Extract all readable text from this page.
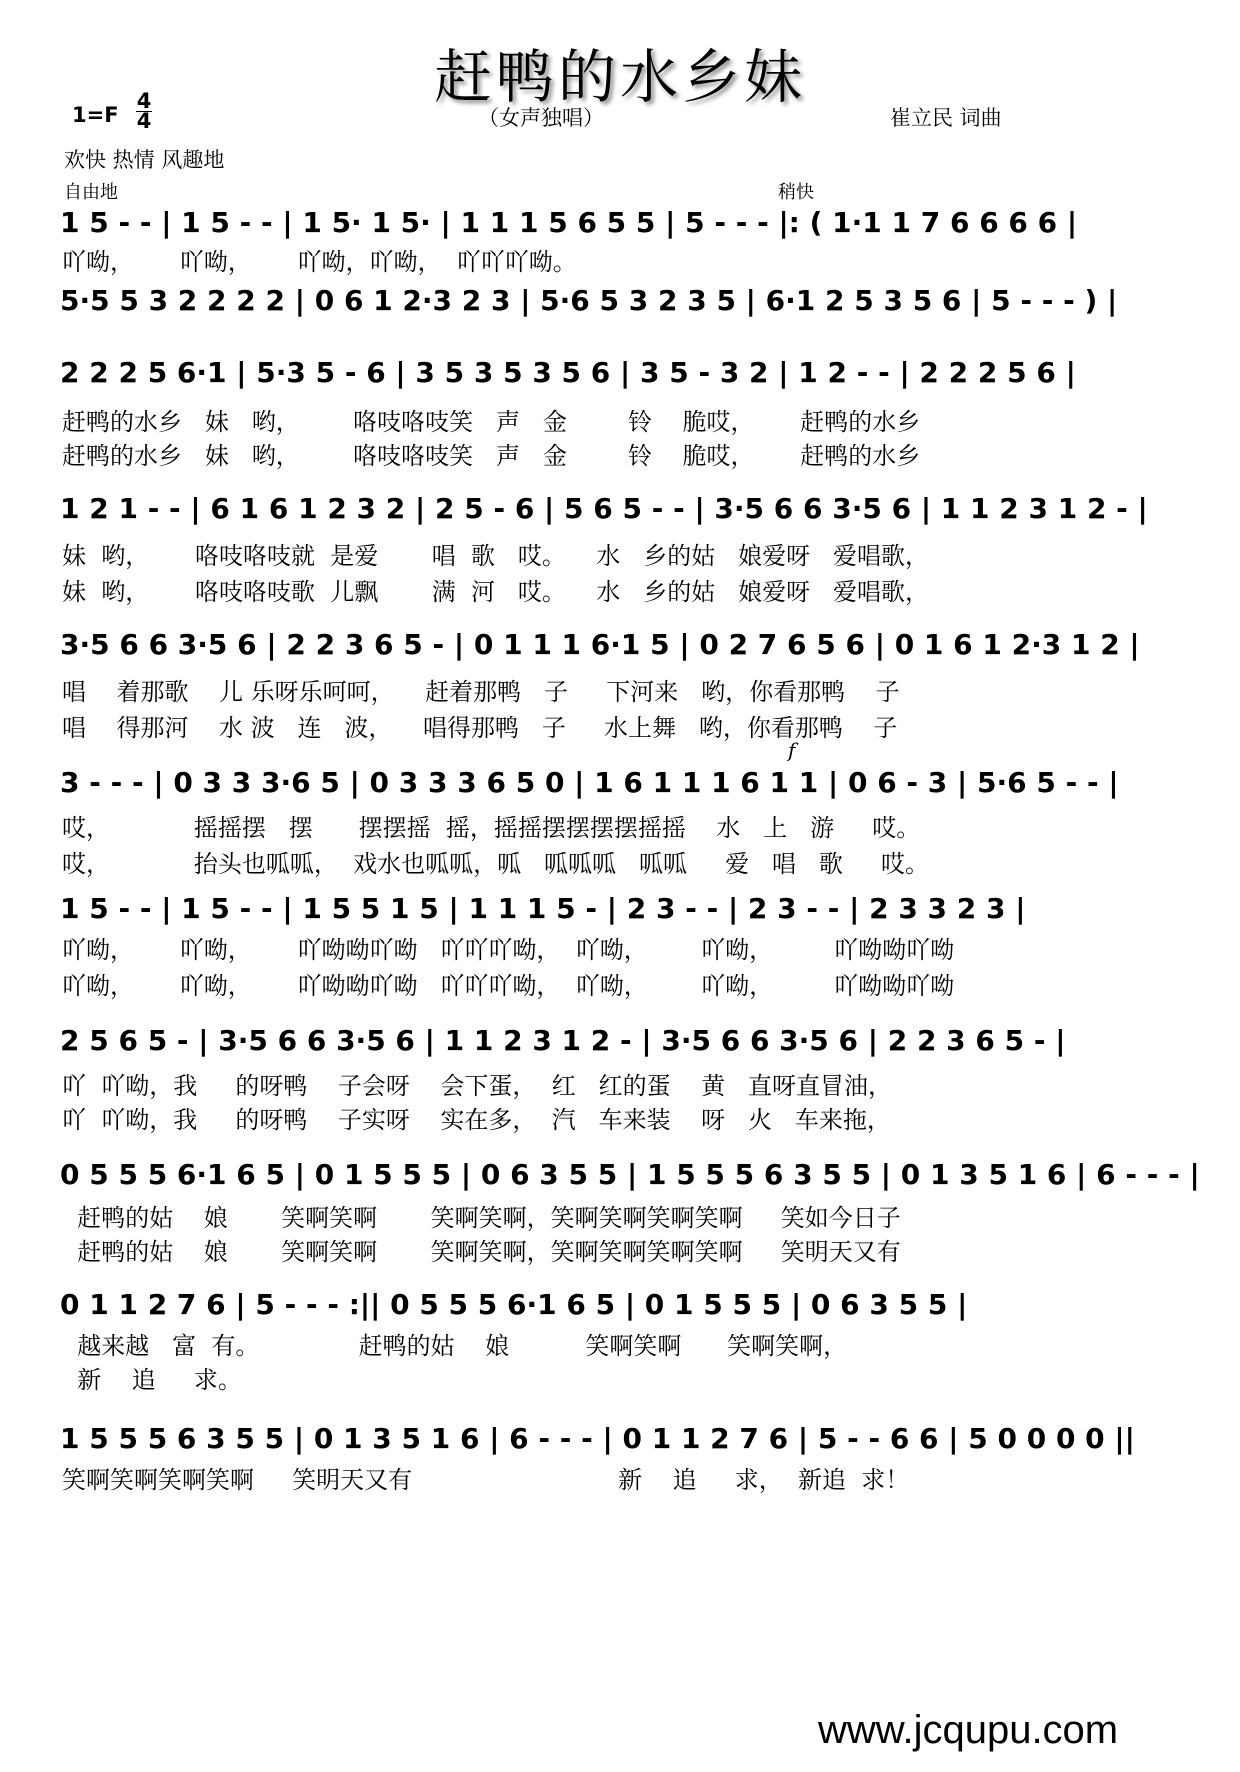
赶鸭的水乡妹
$1=F \frac{4}{4}$	（女声独唱）	崔立民 词曲
欢快 热情 风趣地
自由地	稍快
f
1 5 - - | 1 5 - - | 1 5· 1 5· | 1 1 1 5 6 5 5 | 5 - - - |: ( 1·1 1 7 6 6 6 6 |
吖呦，      吖呦，      吖呦，吖呦，  吖吖吖呦。
5·5 5 3 2 2 2 2 | 0 6 1 2·3 2 3 | 5·6 5 3 2 3 5 | 6·1 2 5 3 5 6 | 5 - - - ) |
2 2 2 5 6·1 | 5·3 5 - 6 | 3 5 3 5 3 5 6 | 3 5 - 3 2 | 1 2 - - | 2 2 2 5 6 |
赶鸭的水乡   妹   哟，       咯吱咯吱笑   声   金        铃    脆哎，      赶鸭的水乡
赶鸭的水乡   妹   哟，       咯吱咯吱笑   声   金        铃    脆哎，      赶鸭的水乡
1 2 1 - - | 6 1 6 1 2 3 2 | 2 5 - 6 | 5 6 5 - - | 3·5 6 6 3·5 6 | 1 1 2 3 1 2 - |
妹  哟，      咯吱咯吱就  是爱       唱  歌   哎。    水   乡的姑   娘爱呀   爱唱歌，
妹  哟，      咯吱咯吱歌  儿飘       满  河   哎。    水   乡的姑   娘爱呀   爱唱歌，
3·5 6 6 3·5 6 | 2 2 3 6 5 - | 0 1 1 1 6·1 5 | 0 2 7 6 5 6 | 0 1 6 1 2·3 1 2 |
唱    着那歌    儿 乐呀乐呵呵，    赶着那鸭   子     下河来   哟，你看那鸭    子
唱    得那河    水 波   连   波，    唱得那鸭   子     水上舞   哟，你看那鸭    子
3 - - - | 0 3 3 3·6 5 | 0 3 3 3 6 5 0 | 1 6 1 1 1 6 1 1 | 0 6 - 3 | 5·6 5 - - |
哎，           摇摇摆   摆      摆摆摇  摇，摇摇摆摆摆摆摇摇    水   上   游     哎。
哎，           抬头也呱呱，  戏水也呱呱，呱   呱呱呱   呱呱     爱   唱   歌     哎。
1 5 - - | 1 5 - - | 1 5 5 1 5 | 1 1 1 5 - | 2 3 - - | 2 3 - - | 2 3 3 2 3 |
吖呦，      吖呦，      吖呦呦吖呦   吖吖吖呦，  吖呦，       吖呦，        吖呦呦吖呦
吖呦，      吖呦，      吖呦呦吖呦   吖吖吖呦，  吖呦，       吖呦，        吖呦呦吖呦
2 5 6 5 - | 3·5 6 6 3·5 6 | 1 1 2 3 1 2 - | 3·5 6 6 3·5 6 | 2 2 3 6 5 - |
吖  吖呦，我     的呀鸭    子会呀    会下蛋，  红   红的蛋    黄   直呀直冒油，
吖  吖呦，我     的呀鸭    子实呀    实在多，  汽   车来装    呀   火   车来拖，
0 5 5 5 6·1 6 5 | 0 1 5 5 5 | 0 6 3 5 5 | 1 5 5 5 6 3 5 5 | 0 1 3 5 1 6 | 6 - - - |
赶鸭的姑    娘       笑啊笑啊       笑啊笑啊，笑啊笑啊笑啊笑啊     笑如今日子
赶鸭的姑    娘       笑啊笑啊       笑啊笑啊，笑啊笑啊笑啊笑啊     笑明天又有
0 1 1 2 7 6 | 5 - - - :|| 0 5 5 5 6·1 6 5 | 0 1 5 5 5 | 0 6 3 5 5 |
越来越   富  有。             赶鸭的姑    娘          笑啊笑啊      笑啊笑啊，
新    追     求。
1 5 5 5 6 3 5 5 | 0 1 3 5 1 6 | 6 - - - | 0 1 1 2 7 6 | 5 - - 6 6 | 5 0 0 0 0 ||
笑啊笑啊笑啊笑啊     笑明天又有                           新    追     求，  新追  求！
www.jcqupu.com
